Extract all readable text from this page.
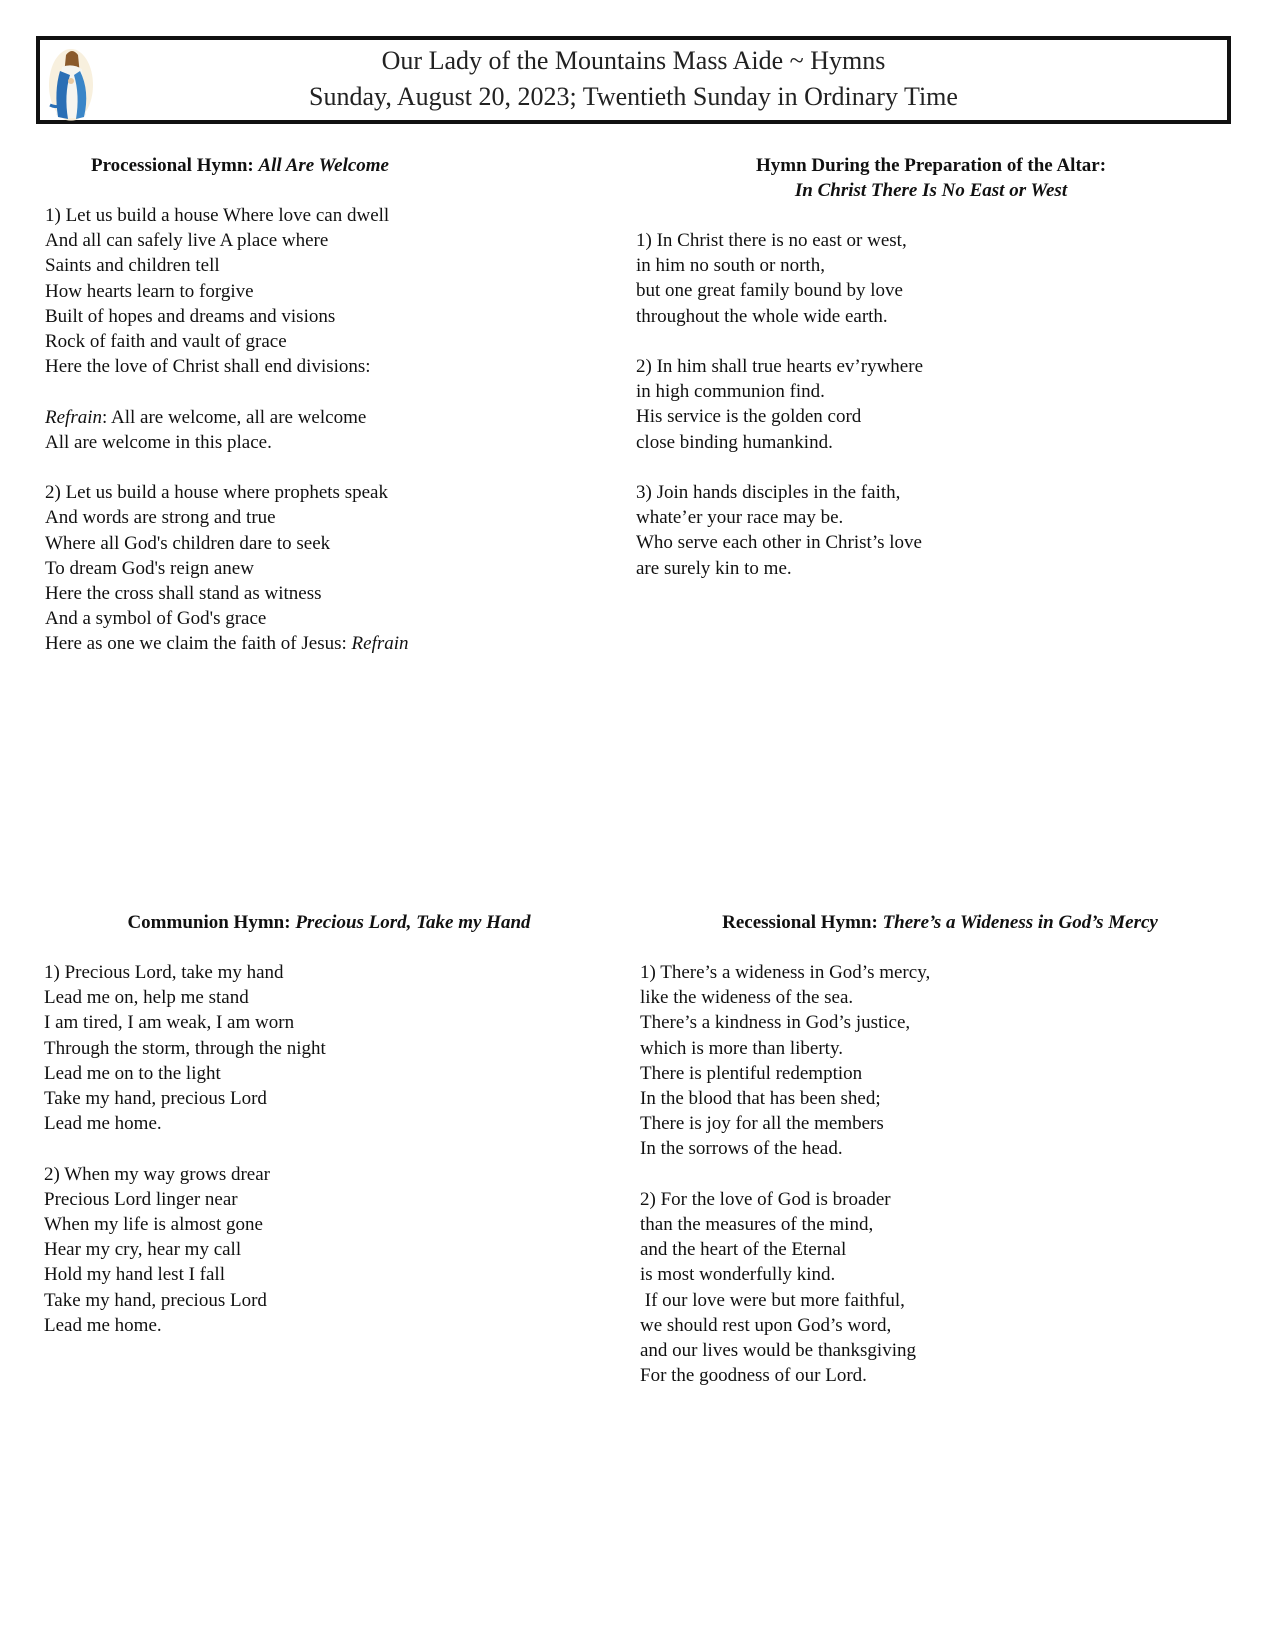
Our Lady of the Mountains Mass Aide ~ Hymns
Sunday, August 20, 2023; Twentieth Sunday in Ordinary Time
Processional Hymn: All Are Welcome
1) Let us build a house Where love can dwell
And all can safely live A place where
Saints and children tell
How hearts learn to forgive
Built of hopes and dreams and visions
Rock of faith and vault of grace
Here the love of Christ shall end divisions:
Refrain: All are welcome, all are welcome
All are welcome in this place.
2) Let us build a house where prophets speak
And words are strong and true
Where all God's children dare to seek
To dream God's reign anew
Here the cross shall stand as witness
And a symbol of God's grace
Here as one we claim the faith of Jesus: Refrain
Hymn During the Preparation of the Altar:
In Christ There Is No East or West
1) In Christ there is no east or west,
in him no south or north,
but one great family bound by love
throughout the whole wide earth.
2) In him shall true hearts ev’rywhere
in high communion find.
His service is the golden cord
close binding humankind.
3) Join hands disciples in the faith,
whate’er your race may be.
Who serve each other in Christ’s love
are surely kin to me.
Communion Hymn: Precious Lord, Take my Hand
1) Precious Lord, take my hand
Lead me on, help me stand
I am tired, I am weak, I am worn
Through the storm, through the night
Lead me on to the light
Take my hand, precious Lord
Lead me home.
2) When my way grows drear
Precious Lord linger near
When my life is almost gone
Hear my cry, hear my call
Hold my hand lest I fall
Take my hand, precious Lord
Lead me home.
Recessional Hymn: There’s a Wideness in God’s Mercy
1) There’s a wideness in God’s mercy,
like the wideness of the sea.
There’s a kindness in God’s justice,
which is more than liberty.
There is plentiful redemption
In the blood that has been shed;
There is joy for all the members
In the sorrows of the head.
2) For the love of God is broader
than the measures of the mind,
and the heart of the Eternal
is most wonderfully kind.
If our love were but more faithful,
we should rest upon God’s word,
and our lives would be thanksgiving
For the goodness of our Lord.
